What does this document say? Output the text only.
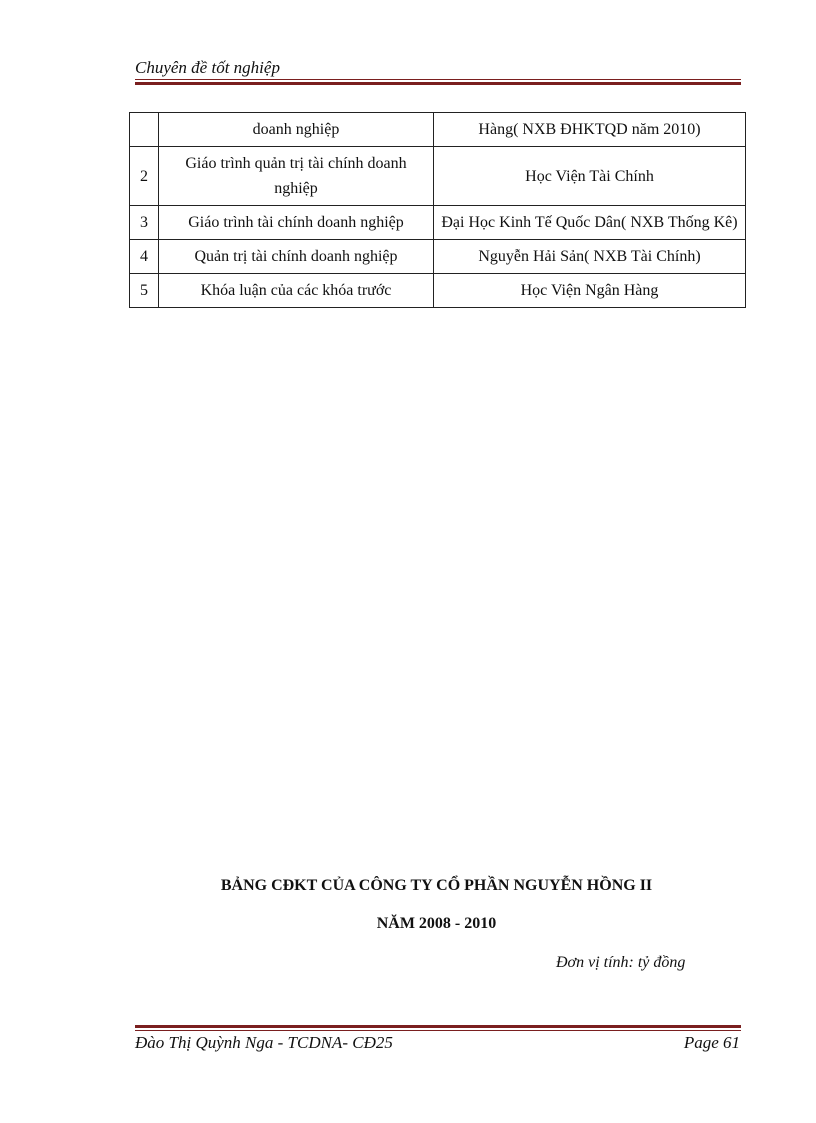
Chuyên đề tốt nghiệp
	doanh nghiệp	Hàng( NXB ĐHKTQD năm 2010)
2	Giáo trình quản trị tài chính doanh nghiệp	Học Viện Tài Chính
3	Giáo trình tài chính doanh nghiệp	Đại Học Kinh Tế Quốc Dân( NXB Thống Kê)
4	Quản trị tài chính doanh nghiệp	Nguyễn Hải Sản( NXB Tài Chính)
5	Khóa luận của các khóa trước	Học Viện Ngân Hàng
BẢNG CĐKT CỦA CÔNG TY CỔ PHẦN NGUYỄN HỒNG II
NĂM 2008 - 2010
Đơn vị tính: tỷ đồng
Đào Thị Quỳnh Nga - TCDNA- CĐ25	Page 61
